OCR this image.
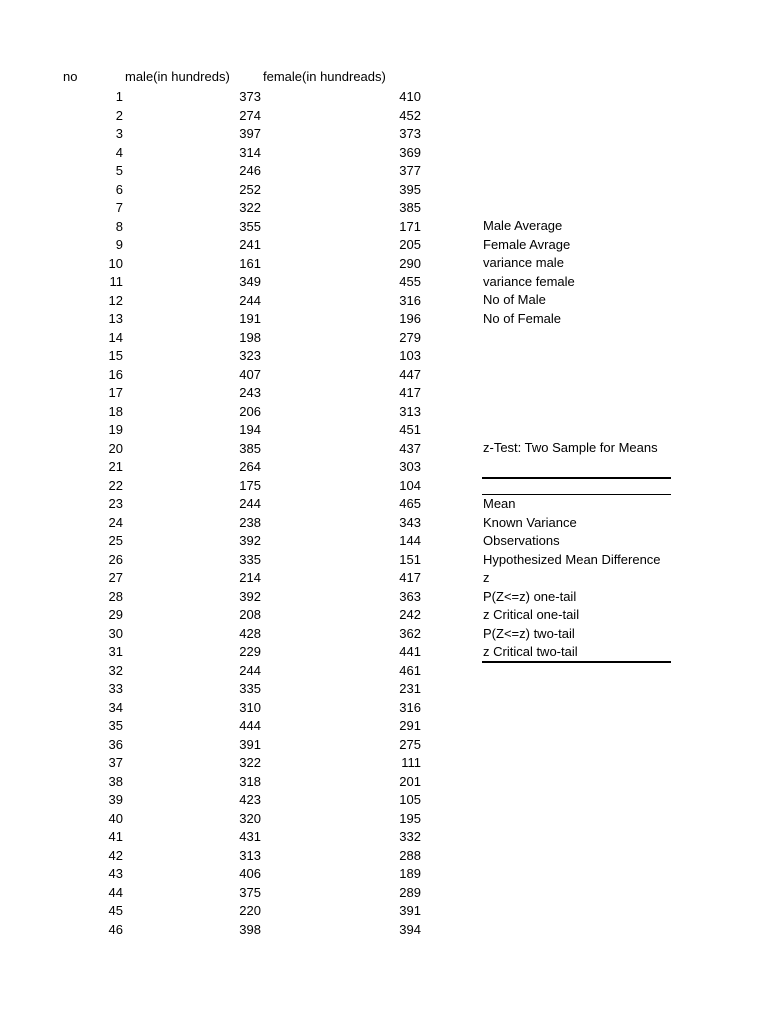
no	male(in hundreds)	female(in hundreads)
1	373	410
2	274	452
3	397	373
4	314	369
5	246	377
6	252	395
7	322	385
8	355	171
9	241	205
10	161	290
11	349	455
12	244	316
13	191	196
14	198	279
15	323	103
16	407	447
17	243	417
18	206	313
19	194	451
20	385	437
21	264	303
22	175	104
23	244	465
24	238	343
25	392	144
26	335	151
27	214	417
28	392	363
29	208	242
30	428	362
31	229	441
32	244	461
33	335	231
34	310	316
35	444	291
36	391	275
37	322	111
38	318	201
39	423	105
40	320	195
41	431	332
42	313	288
43	406	189
44	375	289
45	220	391
46	398	394
Male Average
Female Avrage
variance male
variance female
No of Male
No of Female
z-Test: Two Sample for Means
Mean
Known Variance
Observations
Hypothesized Mean Difference
z
P(Z<=z) one-tail
z Critical one-tail
P(Z<=z) two-tail
z Critical two-tail
